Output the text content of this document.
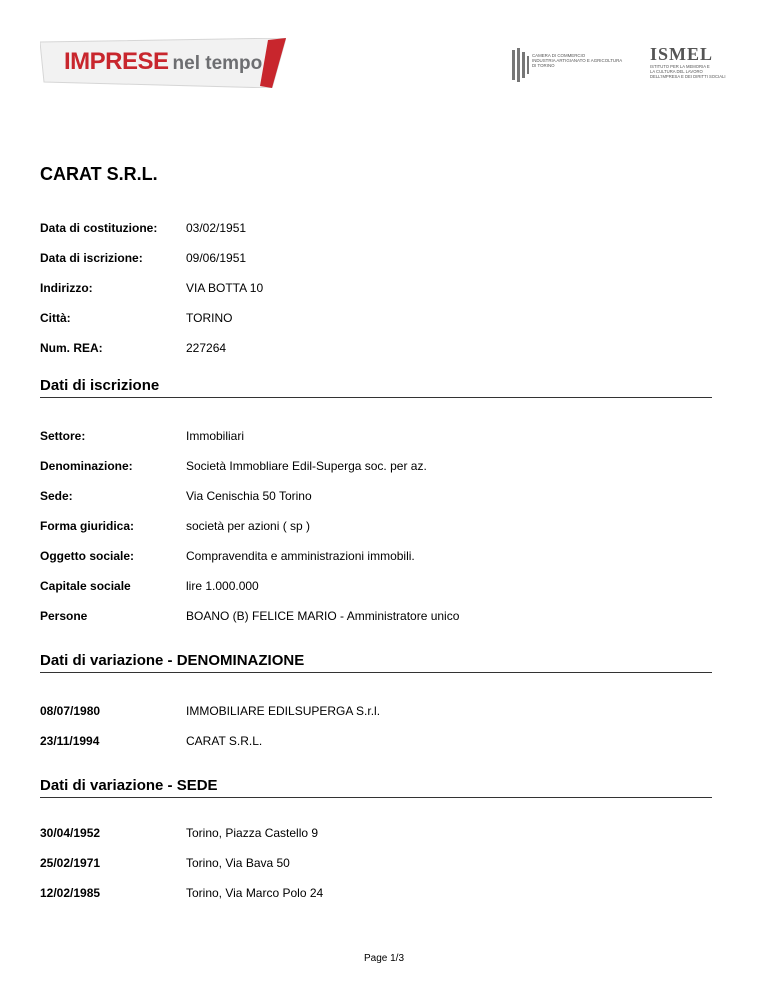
IMPRESE nel tempo	CAMERA DI COMMERCIO
INDUSTRIA ARTIGIANATO E AGRICOLTURA
DI TORINO
ISMEL
ISTITUTO PER LA MEMORIA E
LA CULTURA DEL LAVORO
DELL'IMPRESA E DEI DIRITTI SOCIALI
CARAT S.R.L.
Data di costituzione: 03/02/1951
Data di iscrizione:	09/06/1951
Indirizzo:	VIA BOTTA 10
Città:	TORINO
Num. REA:	227264
Dati di iscrizione
Settore:	Immobiliari
Denominazione:	Società Immobliare Edil-Superga soc. per az.
Sede:	Via Cenischia 50 Torino
Forma giuridica:	società per azioni ( sp )
Oggetto sociale:	Compravendita e amministrazioni immobili.
Capitale sociale	lire 1.000.000
Persone	BOANO (B) FELICE MARIO - Amministratore unico
Dati di variazione - DENOMINAZIONE
08/07/1980	IMMOBILIARE EDILSUPERGA S.r.l.
23/11/1994	CARAT S.R.L.
Dati di variazione - SEDE
30/04/1952	Torino, Piazza Castello 9
25/02/1971	Torino, Via Bava 50
12/02/1985	Torino, Via Marco Polo 24
Page 1/3
